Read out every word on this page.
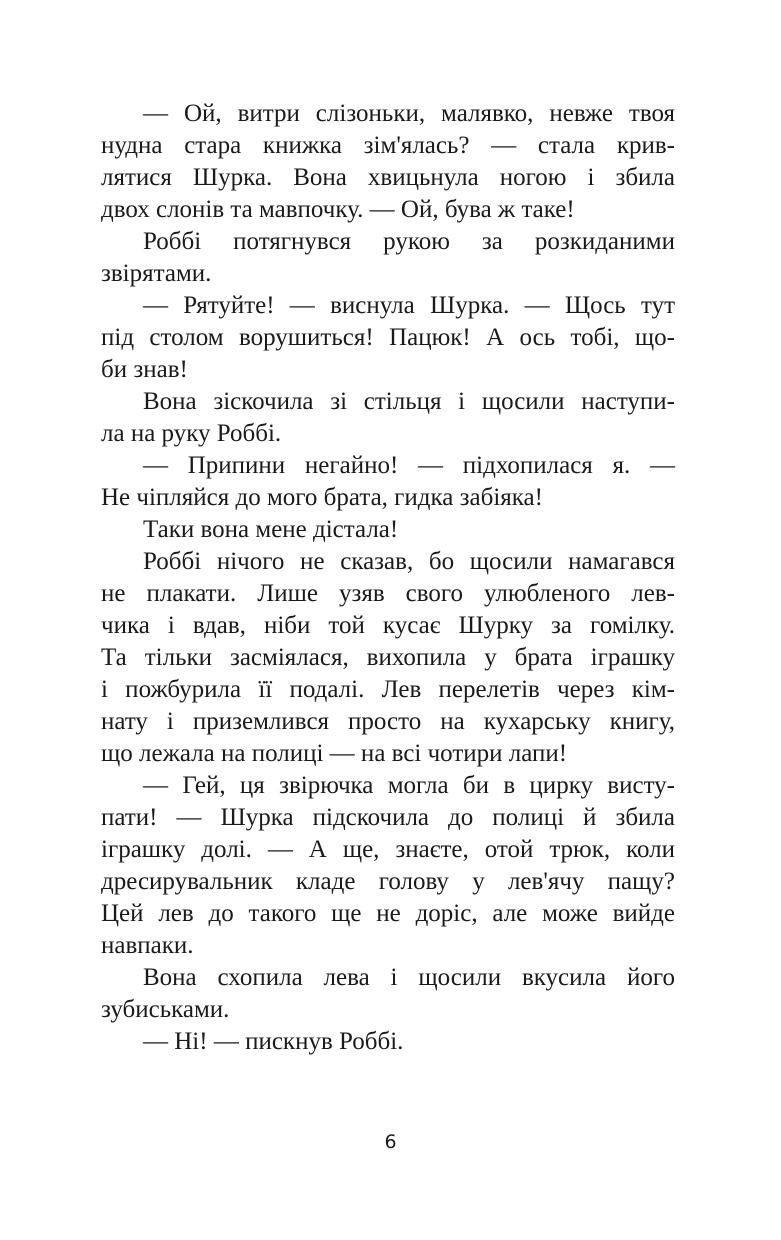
— Ой, витри слізоньки, малявко, невже твоя
нудна стара книжка зім'ялась? — стала крив-
лятися Шурка. Вона хвицьнула ногою і збила
двох слонів та мавпочку. — Ой, бува ж таке!
Роббі потягнувся рукою за розкиданими
звірятами.
— Рятуйте! — виснула Шурка. — Щось тут
під столом ворушиться! Пацюк! А ось тобі, що-
би знав!
Вона зіскочила зі стільця і щосили наступи-
ла на руку Роббі.
— Припини негайно! — підхопилася я. —
Не чіпляйся до мого брата, гидка забіяка!
Таки вона мене дістала!
Роббі нічого не сказав, бо щосили намагався
не плакати. Лише узяв свого улюбленого лев-
чика і вдав, ніби той кусає Шурку за гомілку.
Та тільки засміялася, вихопила у брата іграшку
і пожбурила її подалі. Лев перелетів через кім-
нату і приземлився просто на кухарську книгу,
що лежала на полиці — на всі чотири лапи!
— Гей, ця звірючка могла би в цирку висту-
пати! — Шурка підскочила до полиці й збила
іграшку долі. — А ще, знаєте, отой трюк, коли
дресирувальник кладе голову у лев'ячу пащу?
Цей лев до такого ще не доріс, але може вийде
навпаки.
Вона схопила лева і щосили вкусила його
зубиськами.
— Ні! — пискнув Роббі.
6
